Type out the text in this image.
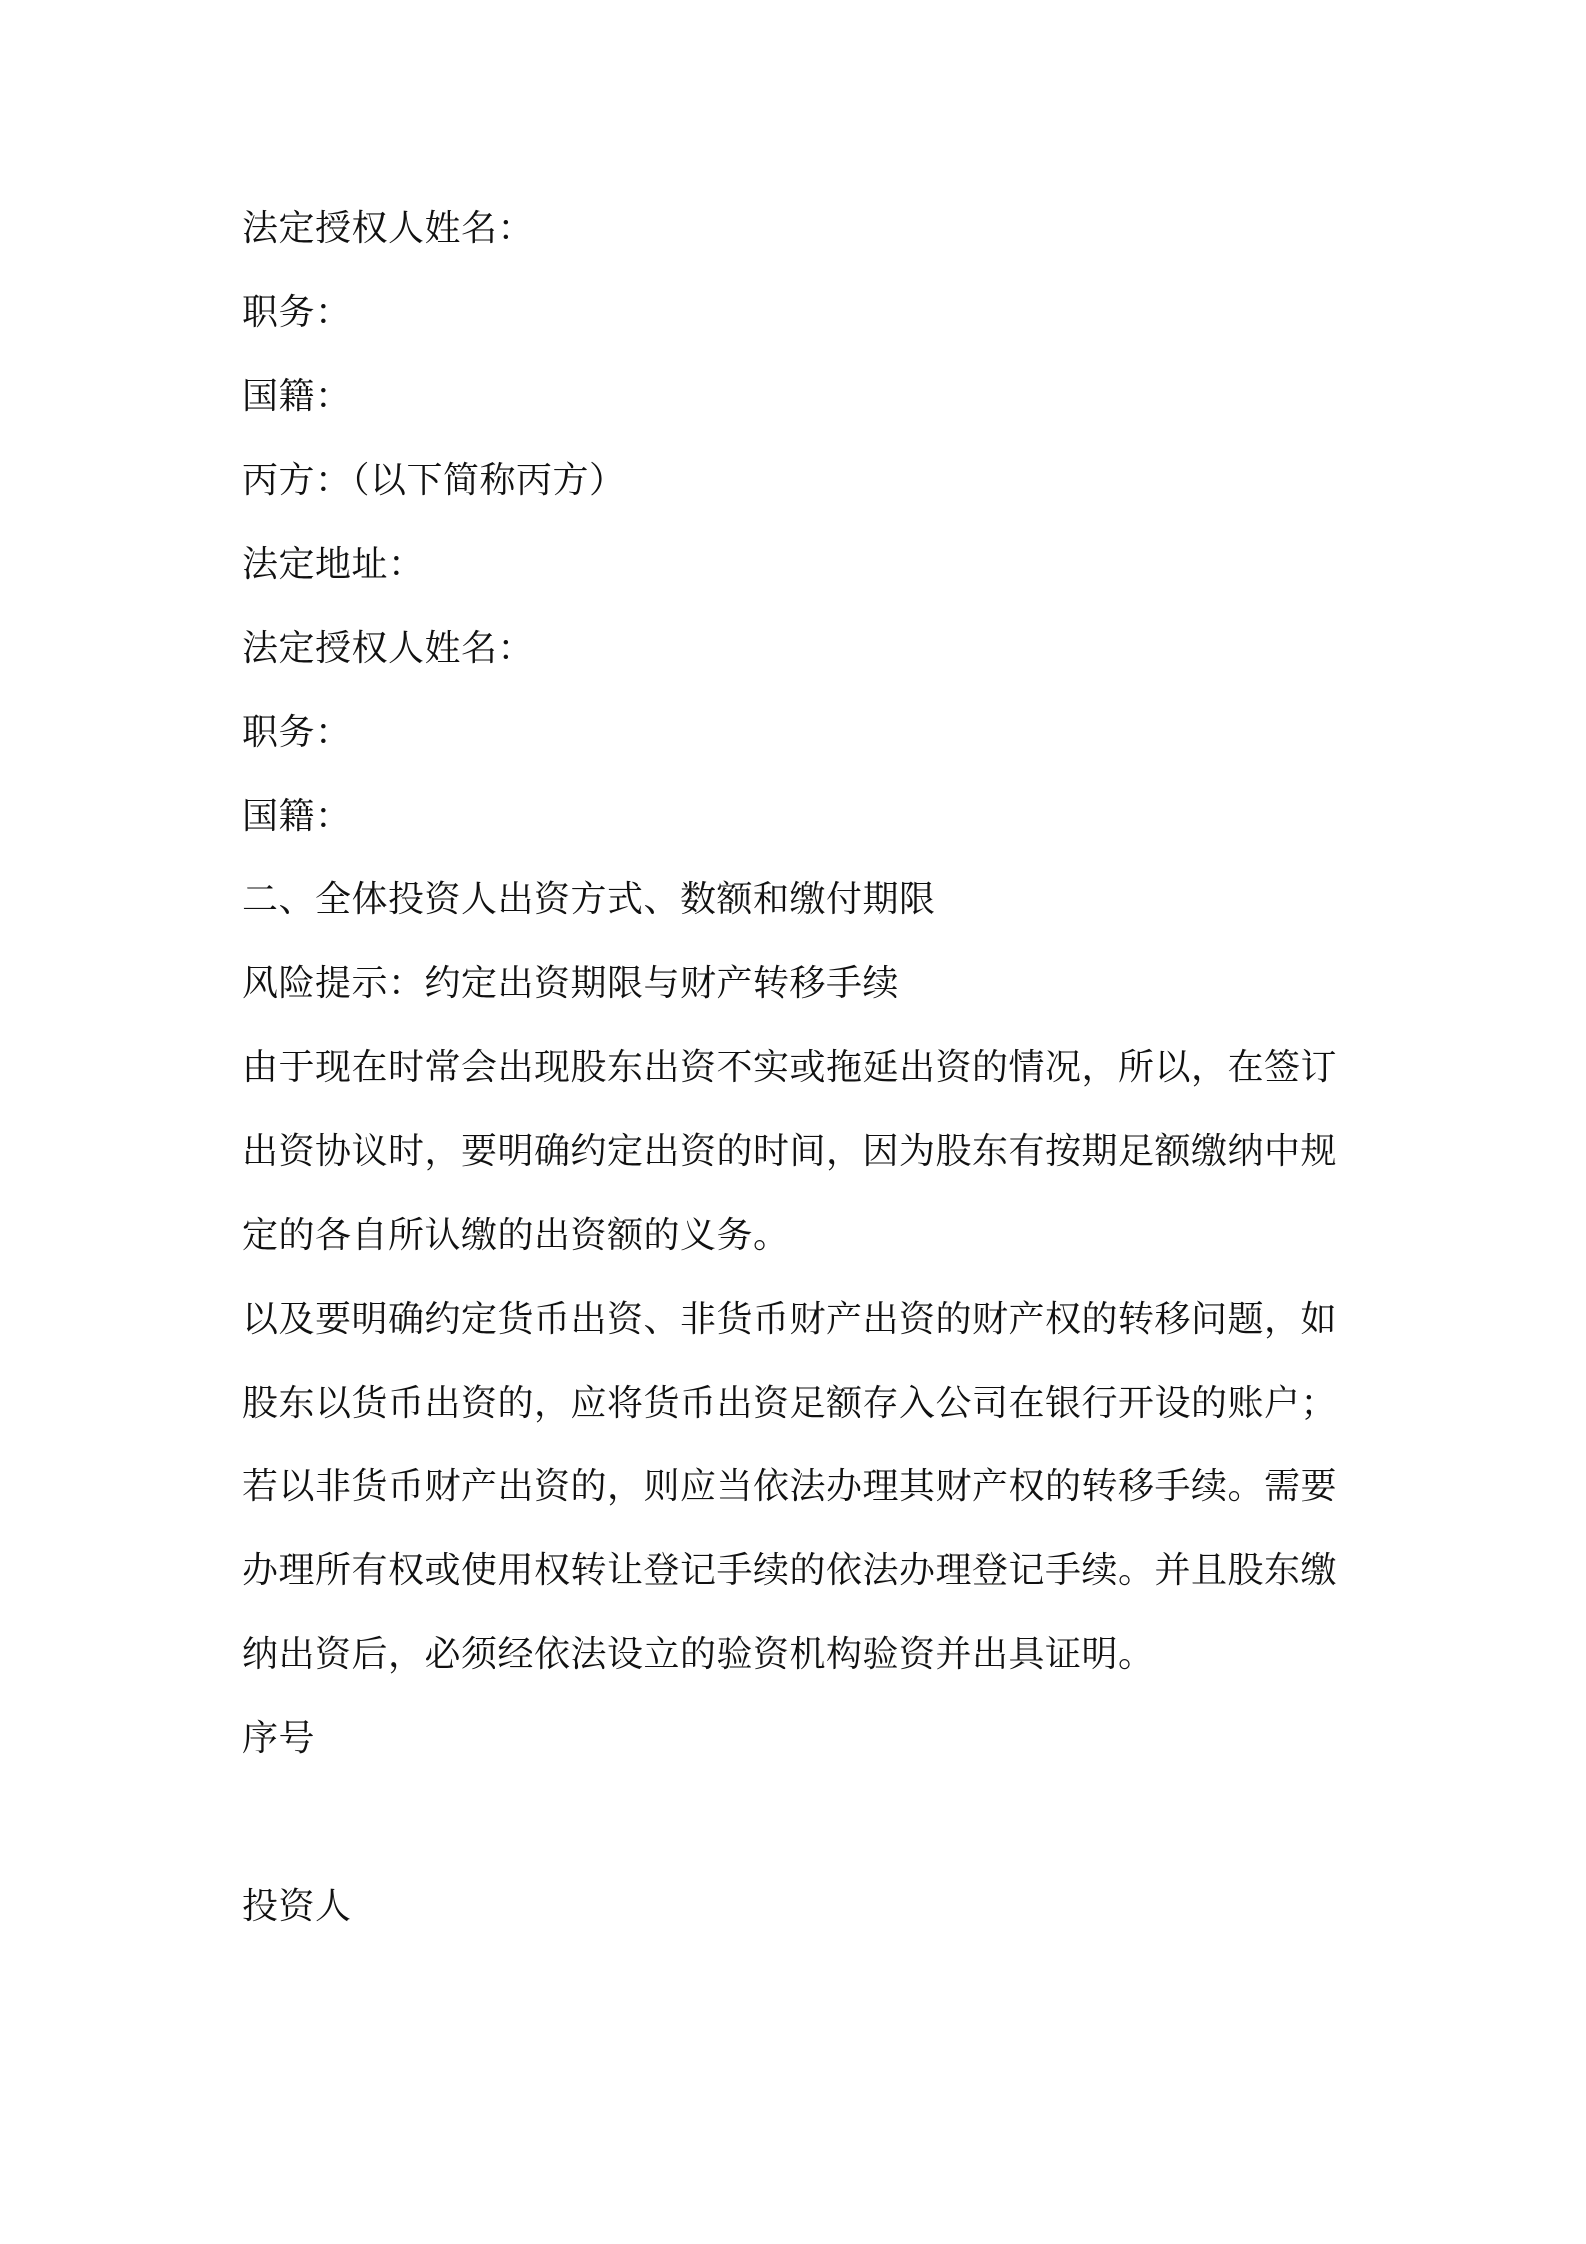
法定授权人姓名：
职务：
国籍：
丙方：（以下简称丙方）
法定地址：
法定授权人姓名：
职务：
国籍：
二、全体投资人出资方式、数额和缴付期限
风险提示：约定出资期限与财产转移手续
由于现在时常会出现股东出资不实或拖延出资的情况，所以，在签订
出资协议时，要明确约定出资的时间，因为股东有按期足额缴纳中规
定的各自所认缴的出资额的义务。
以及要明确约定货币出资、非货币财产出资的财产权的转移问题，如
股东以货币出资的，应将货币出资足额存入公司在银行开设的账户；
若以非货币财产出资的，则应当依法办理其财产权的转移手续。需要
办理所有权或使用权转让登记手续的依法办理登记手续。并且股东缴
纳出资后，必须经依法设立的验资机构验资并出具证明。
序号
投资人
